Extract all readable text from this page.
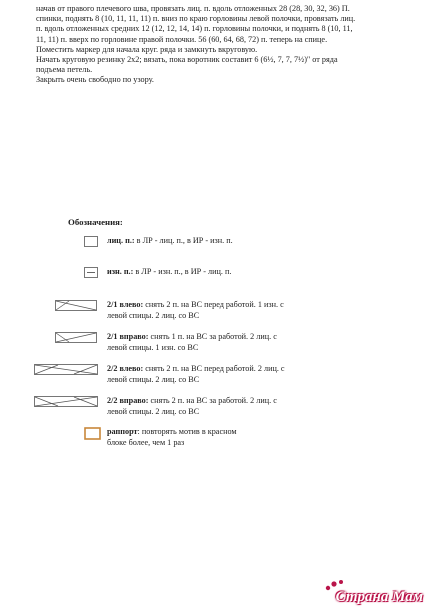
начав от правого плечевого шва, провязать лиц. п. вдоль отложенных 28 (28, 30, 32, 36) П.
спинки, поднять 8 (10, 11, 11, 11) п. вниз по краю горловины левой полочки, провязать лиц.
п. вдоль отложенных средних 12 (12, 12, 14, 14) п. горловины полочки, и поднять 8 (10, 11,
11, 11) п. вверх по горловине правой полочки. 56 (60, 64, 68, 72) п. теперь на спице.
Поместить маркер для начала круг. ряда и замкнуть вкруговую.
Начать круговую резинку 2х2; вязать, пока воротник составит 6 (6½, 7, 7, 7½)" от ряда
подъема петель.
Закрыть очень свободно по узору.
Обозначения:
лиц. п.: в ЛР - лиц. п., в ИР - изн. п.
изн. п.: в ЛР - изн. п., в ИР - лиц. п.
2/1 влево: снять 2 п. на ВС перед работой. 1 изн. с левой спицы. 2 лиц. со ВС
2/1 вправо: снять 1 п. на ВС за работой. 2 лиц. с левой спицы. 1 изн. со ВС
2/2 влево: снять 2 п. на ВС перед работой. 2 лиц. с левой спицы. 2 лиц. со ВС
2/2 вправо: снять 2 п. на ВС за работой. 2 лиц. с левой спицы. 2 лиц. со ВС
раппорт: повторять мотив в красном блоке более, чем 1 раз
Страна Мам
